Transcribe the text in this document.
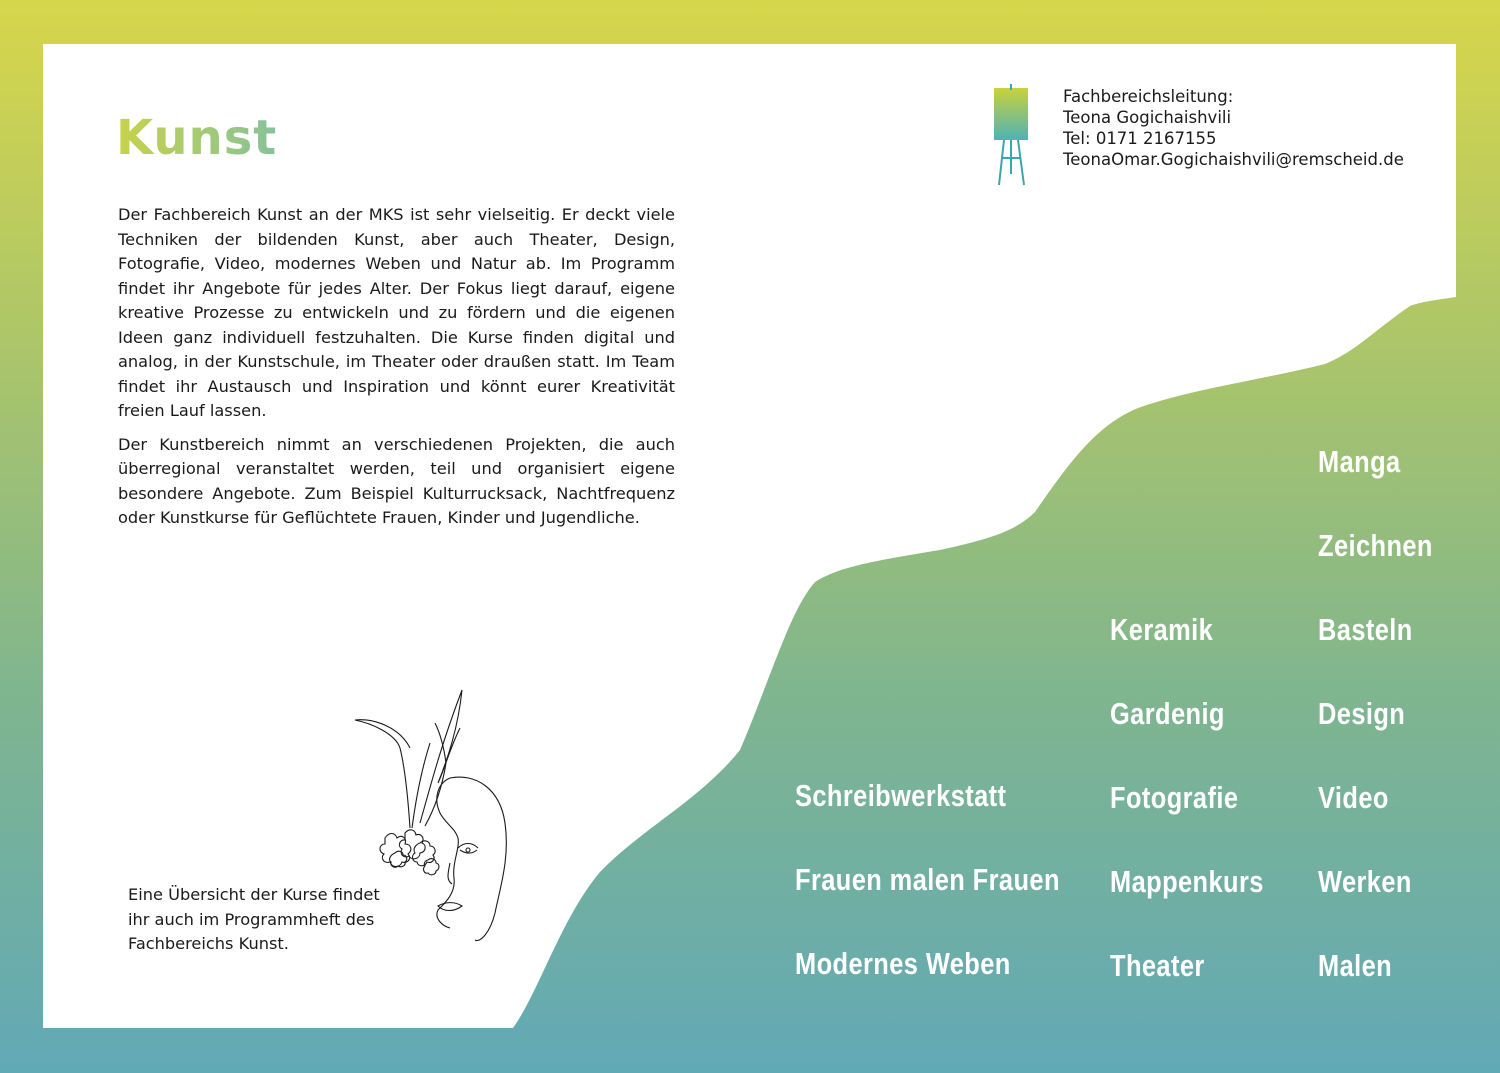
Kunst

Der Fachbereich Kunst an der MKS ist sehr vielseitig. Er deckt viele Techniken der bildenden Kunst, aber auch Theater, Design, Fotografie, Video, modernes Weben und Natur ab. Im Programm findet ihr Angebote für jedes Alter. Der Fokus liegt darauf, eigene kreative Prozesse zu entwickeln und zu fördern und die eigenen Ideen ganz individuell festzuhalten. Die Kurse finden digital und analog, in der Kunstschule, im Theater oder draußen statt. Im Team findet ihr Austausch und Inspiration und könnt eurer Kreativität freien Lauf lassen.

Der Kunstbereich nimmt an verschiedenen Projekten, die auch überregional veranstaltet werden, teil und organisiert eigene besondere Angebote. Zum Beispiel Kulturrucksack, Nachtfrequenz oder Kunstkurse für Geflüchtete Frauen, Kinder und Jugendliche.

Fachbereichsleitung:
Teona Gogichaishvili
Tel: 0171 2167155
TeonaOmar.Gogichaishvili@remscheid.de
Eine Übersicht der Kurse findet ihr auch im Programmheft des Fachbereichs Kunst.
Schreibwerkstatt
Frauen malen Frauen
Modernes Weben
Keramik
Gardenig
Fotografie
Mappenkurs
Theater
Manga
Zeichnen
Basteln
Design
Video
Werken
Malen
